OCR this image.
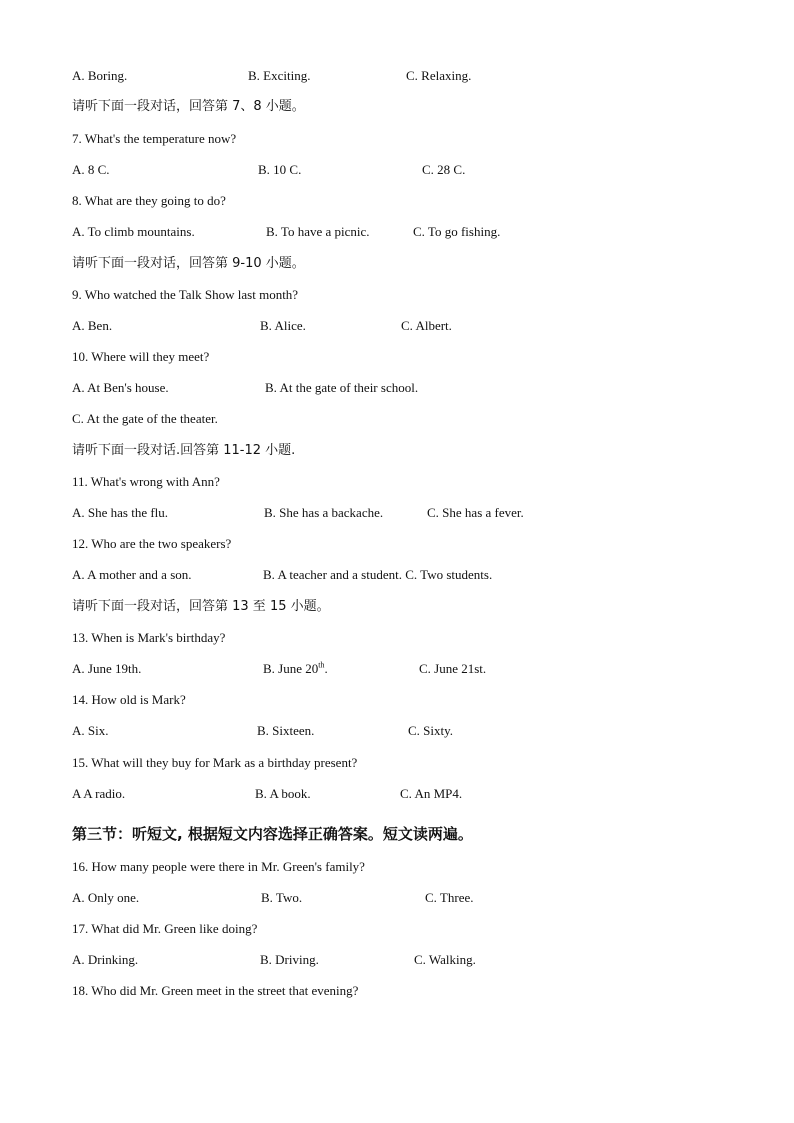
A. Boring.	B. Exciting.	C. Relaxing.
请听下面一段对话，回答第 7、8 小题。
7. What's the temperature now?
A. 8 C.	B. 10 C.	C. 28 C.
8. What are they going to do?
A. To climb mountains.	B. To have a picnic.	C. To go fishing.
请听下面一段对话，回答第 9-10 小题。
9. Who watched the Talk Show last month?
A. Ben.	B. Alice.	C. Albert.
10. Where will they meet?
A. At Ben's house.	B. At the gate of their school.
C. At the gate of the theater.
请听下面一段对话.回答第 11-12 小题.
11. What's wrong with Ann?
A. She has the flu.	B. She has a backache.	C. She has a fever.
12. Who are the two speakers?
A. A mother and a son.	B. A teacher and a student. C. Two students.
请听下面一段对话，回答第 13 至 15 小题。
13. When is Mark's birthday?
A. June 19th.	B. June 20th.	C. June 21st.
14. How old is Mark?
A. Six.	B. Sixteen.	C. Sixty.
15. What will they buy for Mark as a birthday present?
A A radio.	B. A book.	C. An MP4.
第三节：听短文, 根据短文内容选择正确答案。短文读两遍。
16. How many people were there in Mr. Green's family?
A. Only one.	B. Two.	C. Three.
17. What did Mr. Green like doing?
A. Drinking.	B. Driving.	C. Walking.
18. Who did Mr. Green meet in the street that evening?
